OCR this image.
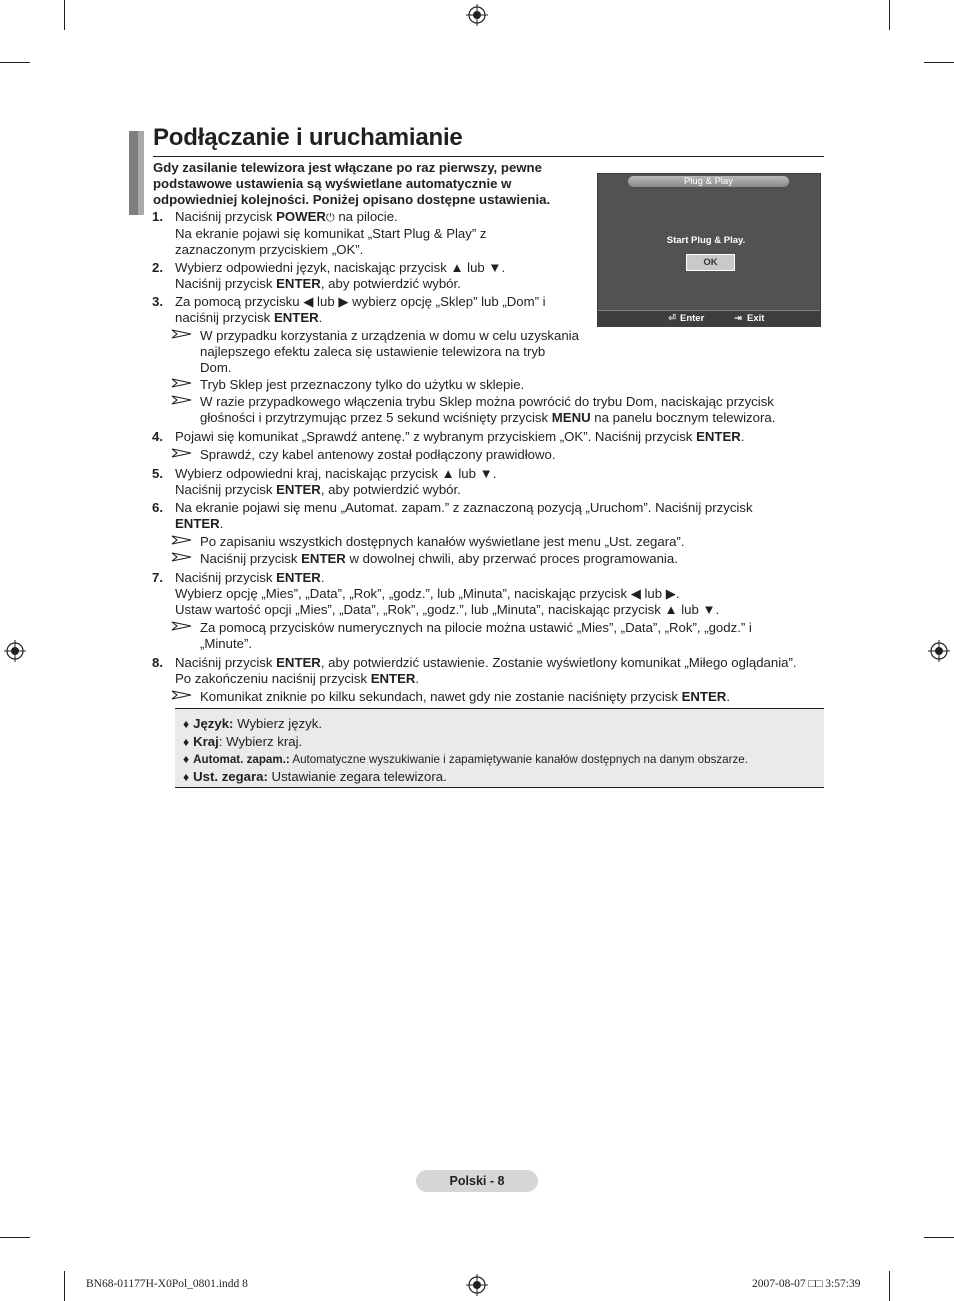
Podłączanie i uruchamianie
Gdy zasilanie telewizora jest włączane po raz pierwszy, pewne podstawowe ustawienia są wyświetlane automatycznie w odpowiedniej kolejności. Poniżej opisano dostępne ustawienia.
Plug & Play
Start Plug & Play.
OK
⏎ Enter	⇥ Exit
1. Naciśnij przycisk POWER⏻ na pilocie.
Na ekranie pojawi się komunikat „Start Plug & Play” z zaznaczonym przyciskiem „OK”.
2. Wybierz odpowiedni język, naciskając przycisk ▲ lub ▼.
Naciśnij przycisk ENTER, aby potwierdzić wybór.
3. Za pomocą przycisku ◀ lub ▶ wybierz opcję „Sklep” lub „Dom” i naciśnij przycisk ENTER.
W przypadku korzystania z urządzenia w domu w celu uzyskania najlepszego efektu zaleca się ustawienie telewizora na tryb Dom.
Tryb Sklep jest przeznaczony tylko do użytku w sklepie.
W razie przypadkowego włączenia trybu Sklep można powrócić do trybu Dom, naciskając przycisk głośności i przytrzymując przez 5 sekund wciśnięty przycisk MENU na panelu bocznym telewizora.
4. Pojawi się komunikat „Sprawdź antenę.” z wybranym przyciskiem „OK”. Naciśnij przycisk ENTER.
Sprawdź, czy kabel antenowy został podłączony prawidłowo.
5. Wybierz odpowiedni kraj, naciskając przycisk ▲ lub ▼.
Naciśnij przycisk ENTER, aby potwierdzić wybór.
6. Na ekranie pojawi się menu „Automat. zapam.” z zaznaczoną pozycją „Uruchom”. Naciśnij przycisk ENTER.
Po zapisaniu wszystkich dostępnych kanałów wyświetlane jest menu „Ust. zegara”.
Naciśnij przycisk ENTER w dowolnej chwili, aby przerwać proces programowania.
7. Naciśnij przycisk ENTER.
Wybierz opcję „Mies”, „Data”, „Rok”, „godz.”, lub „Minuta”, naciskając przycisk ◀ lub ▶.
Ustaw wartość opcji „Mies”, „Data”, „Rok”, „godz.”, lub „Minuta”, naciskając przycisk ▲ lub ▼.
Za pomocą przycisków numerycznych na pilocie można ustawić „Mies”, „Data”, „Rok”, „godz.” i „Minute”.
8. Naciśnij przycisk ENTER, aby potwierdzić ustawienie. Zostanie wyświetlony komunikat „Miłego oglądania”.
Po zakończeniu naciśnij przycisk ENTER.
Komunikat zniknie po kilku sekundach, nawet gdy nie zostanie naciśnięty przycisk ENTER.
♦ Język: Wybierz język.
♦ Kraj: Wybierz kraj.
♦ Automat. zapam.: Automatyczne wyszukiwanie i zapamiętywanie kanałów dostępnych na danym obszarze.
♦ Ust. zegara: Ustawianie zegara telewizora.
Polski - 8
BN68-01177H-X0Pol_0801.indd 8	2007-08-07 □□ 3:57:39
